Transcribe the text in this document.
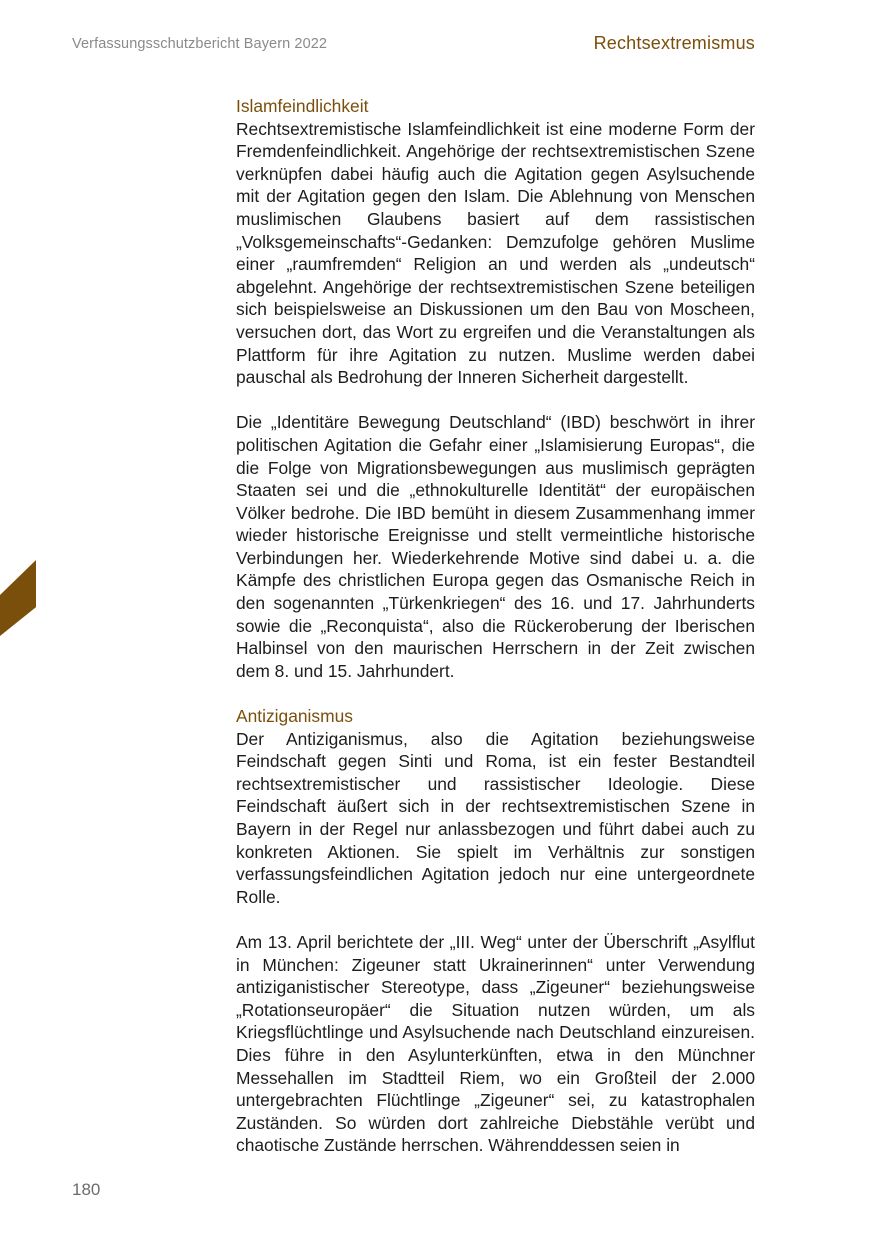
Verfassungsschutzbericht Bayern 2022	Rechtsextremismus
Islamfeindlichkeit

Rechtsextremistische Islamfeindlichkeit ist eine moderne Form der Fremdenfeindlichkeit. Angehörige der rechtsextremistischen Szene verknüpfen dabei häufig auch die Agitation gegen Asylsuchende mit der Agitation gegen den Islam. Die Ablehnung von Menschen muslimischen Glaubens basiert auf dem rassistischen „Volksgemeinschafts“-Gedanken: Demzufolge gehören Muslime einer „raumfremden“ Religion an und werden als „undeutsch“ abgelehnt. Angehörige der rechtsextremistischen Szene beteiligen sich beispielsweise an Diskussionen um den Bau von Moscheen, versuchen dort, das Wort zu ergreifen und die Veranstaltungen als Plattform für ihre Agitation zu nutzen. Muslime werden dabei pauschal als Bedrohung der Inneren Sicherheit dargestellt.

Die „Identitäre Bewegung Deutschland“ (IBD) beschwört in ihrer politischen Agitation die Gefahr einer „Islamisierung Europas“, die die Folge von Migrationsbewegungen aus muslimisch geprägten Staaten sei und die „ethnokulturelle Identität“ der europäischen Völker bedrohe. Die IBD bemüht in diesem Zusammenhang immer wieder historische Ereignisse und stellt vermeintliche historische Verbindungen her. Wiederkehrende Motive sind dabei u. a. die Kämpfe des christlichen Europa gegen das Osmanische Reich in den sogenannten „Türkenkriegen“ des 16. und 17. Jahrhunderts sowie die „Reconquista“, also die Rückeroberung der Iberischen Halbinsel von den maurischen Herrschern in der Zeit zwischen dem 8. und 15. Jahrhundert.

Antiziganismus

Der Antiziganismus, also die Agitation beziehungsweise Feindschaft gegen Sinti und Roma, ist ein fester Bestandteil rechtsextremistischer und rassistischer Ideologie. Diese Feindschaft äußert sich in der rechtsextremistischen Szene in Bayern in der Regel nur anlassbezogen und führt dabei auch zu konkreten Aktionen. Sie spielt im Verhältnis zur sonstigen verfassungsfeindlichen Agitation jedoch nur eine untergeordnete Rolle.

Am 13. April berichtete der „III. Weg“ unter der Überschrift „Asylflut in München: Zigeuner statt Ukrainerinnen“ unter Verwendung antiziganistischer Stereotype, dass „Zigeuner“ beziehungsweise „Rotationseuropäer“ die Situation nutzen würden, um als Kriegsflüchtlinge und Asylsuchende nach Deutschland einzureisen. Dies führe in den Asylunterkünften, etwa in den Münchner Messehallen im Stadtteil Riem, wo ein Großteil der 2.000 untergebrachten Flüchtlinge „Zigeuner“ sei, zu katastrophalen Zuständen. So würden dort zahlreiche Diebstähle verübt und chaotische Zustände herrschen. Währenddessen seien in

180
